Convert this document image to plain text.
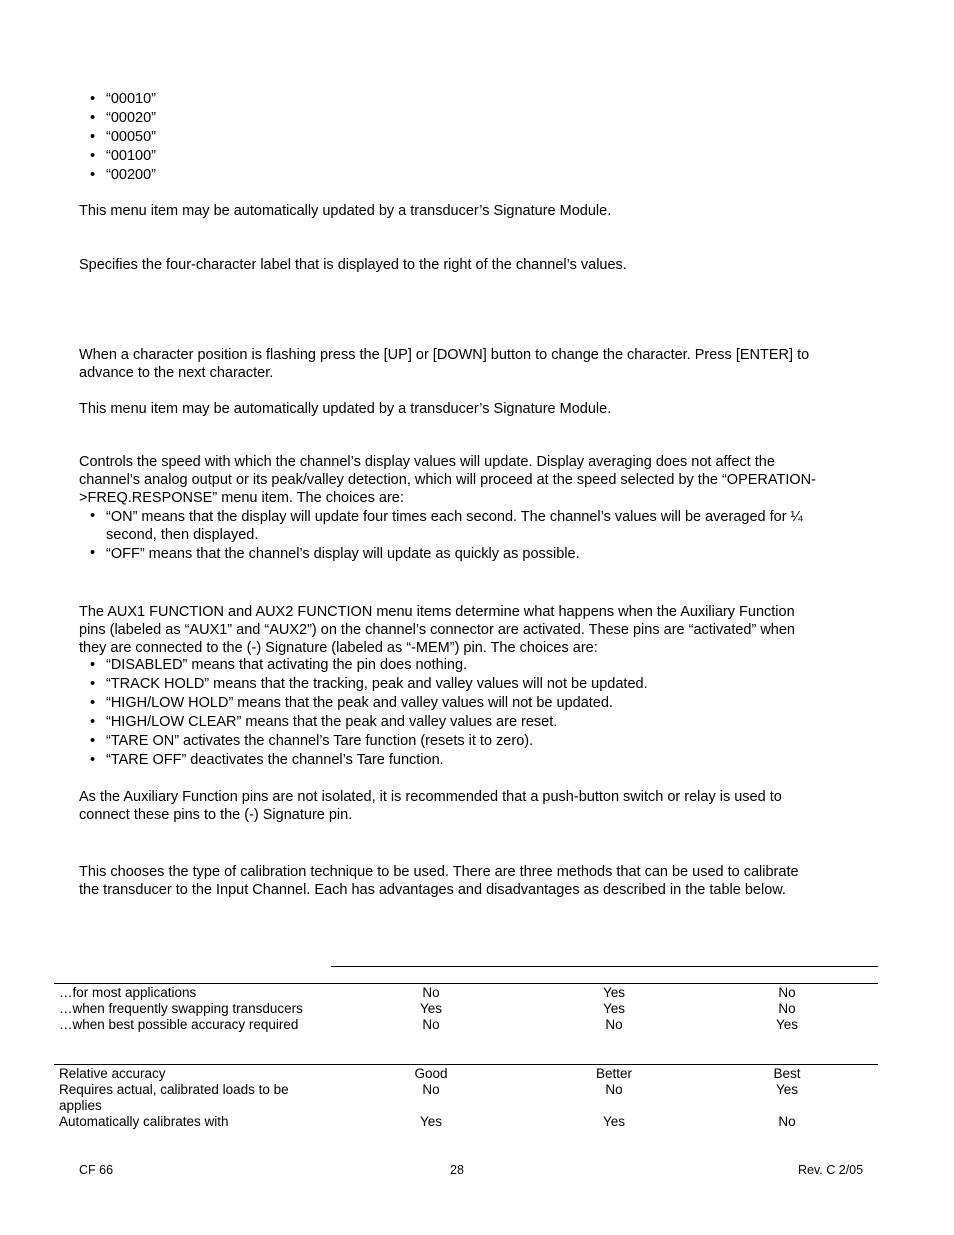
• “00010”
• “00020”
• “00050”
• “00100”
• “00200”
This menu item may be automatically updated by a transducer’s Signature Module.
Specifies the four-character label that is displayed to the right of the channel’s values.
When a character position is flashing press the [UP] or [DOWN] button to change the character. Press [ENTER] to
advance to the next character.
This menu item may be automatically updated by a transducer’s Signature Module.
Controls the speed with which the channel’s display values will update. Display averaging does not affect the
channel’s analog output or its peak/valley detection, which will proceed at the speed selected by the “OPERATION-
>FREQ.RESPONSE” menu item. The choices are:
• “ON” means that the display will update four times each second. The channel’s values will be averaged for ¼
second, then displayed.
• “OFF” means that the channel’s display will update as quickly as possible.
The AUX1 FUNCTION and AUX2 FUNCTION menu items determine what happens when the Auxiliary Function
pins (labeled as “AUX1” and “AUX2”) on the channel’s connector are activated. These pins are “activated” when
they are connected to the (-) Signature (labeled as “-MEM”) pin. The choices are:
• “DISABLED” means that activating the pin does nothing.
• “TRACK HOLD” means that the tracking, peak and valley values will not be updated.
• “HIGH/LOW HOLD” means that the peak and valley values will not be updated.
• “HIGH/LOW CLEAR” means that the peak and valley values are reset.
• “TARE ON” activates the channel’s Tare function (resets it to zero).
• “TARE OFF” deactivates the channel’s Tare function.
As the Auxiliary Function pins are not isolated, it is recommended that a push-button switch or relay is used to
connect these pins to the (-) Signature pin.
This chooses the type of calibration technique to be used. There are three methods that can be used to calibrate
the transducer to the Input Channel. Each has advantages and disadvantages as described in the table below.
…for most applications	No	Yes	No
…when frequently swapping transducers	Yes	Yes	No
…when best possible accuracy required	No	No	Yes
Relative accuracy	Good	Better	Best
Requires actual, calibrated loads to be
applies
No	No	Yes
Automatically calibrates with	Yes	Yes	No
CF 66	28	Rev. C 2/05
